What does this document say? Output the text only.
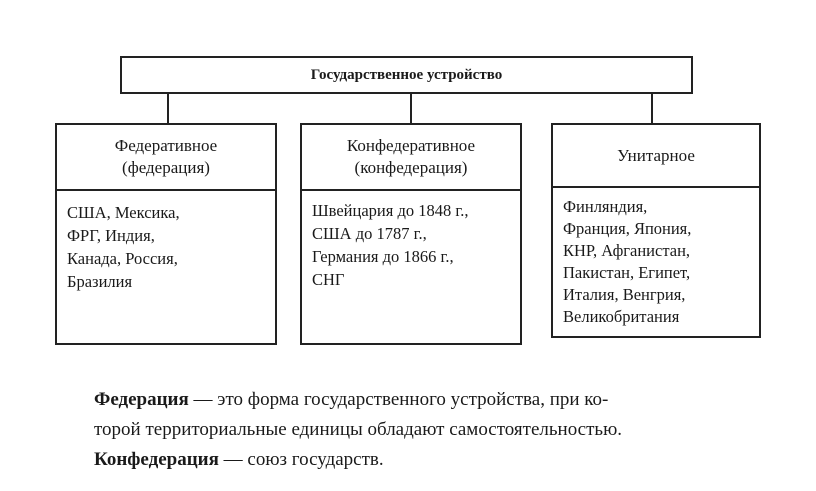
Государственное устройство
Федеративное
(федерация)
США, Мексика,
ФРГ, Индия,
Канада, Россия,
Бразилия
Конфедеративное
(конфедерация)
Швейцария до 1848 г.,
США до 1787 г.,
Германия до 1866 г.,
СНГ
Унитарное
Финляндия,
Франция, Япония,
КНР, Афганистан,
Пакистан, Египет,
Италия, Венгрия,
Великобритания

Федерация — это форма государственного устройства, при ко-

торой территориальные единицы обладают самостоятельностью.

Конфедерация — союз государств.
